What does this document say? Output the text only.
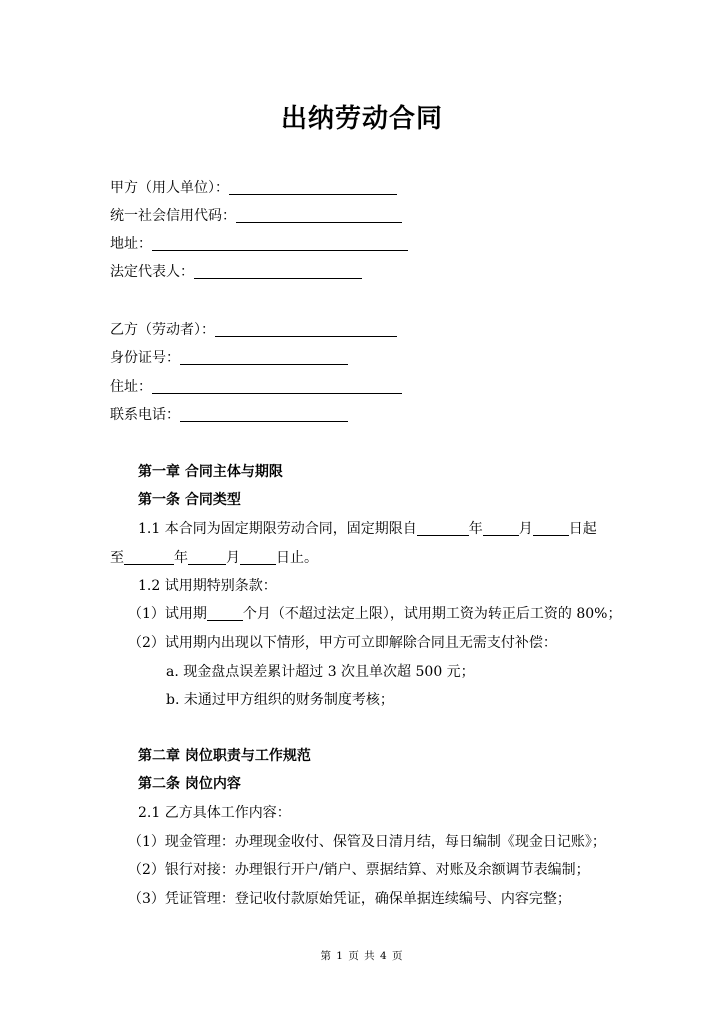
出纳劳动合同
甲方（用人单位）：
统一社会信用代码：
地址：
法定代表人：
乙方（劳动者）：
身份证号：
住址：
联系电话：
第一章 合同主体与期限
第一条 合同类型
1.1 本合同为固定期限劳动合同，固定期限自	年	月	日起
至	年	月	日止。
1.2 试用期特别条款：
（1）试用期	个月（不超过法定上限），试用期工资为转正后工资的 80%；
（2）试用期内出现以下情形，甲方可立即解除合同且无需支付补偿：
a. 现金盘点误差累计超过 3 次且单次超 500 元；
b. 未通过甲方组织的财务制度考核；
第二章 岗位职责与工作规范
第二条 岗位内容
2.1 乙方具体工作内容：
（1）现金管理：办理现金收付、保管及日清月结，每日编制《现金日记账》；
（2）银行对接：办理银行开户/销户、票据结算、对账及余额调节表编制；
（3）凭证管理：登记收付款原始凭证，确保单据连续编号、内容完整；
第 1 页 共 4 页
